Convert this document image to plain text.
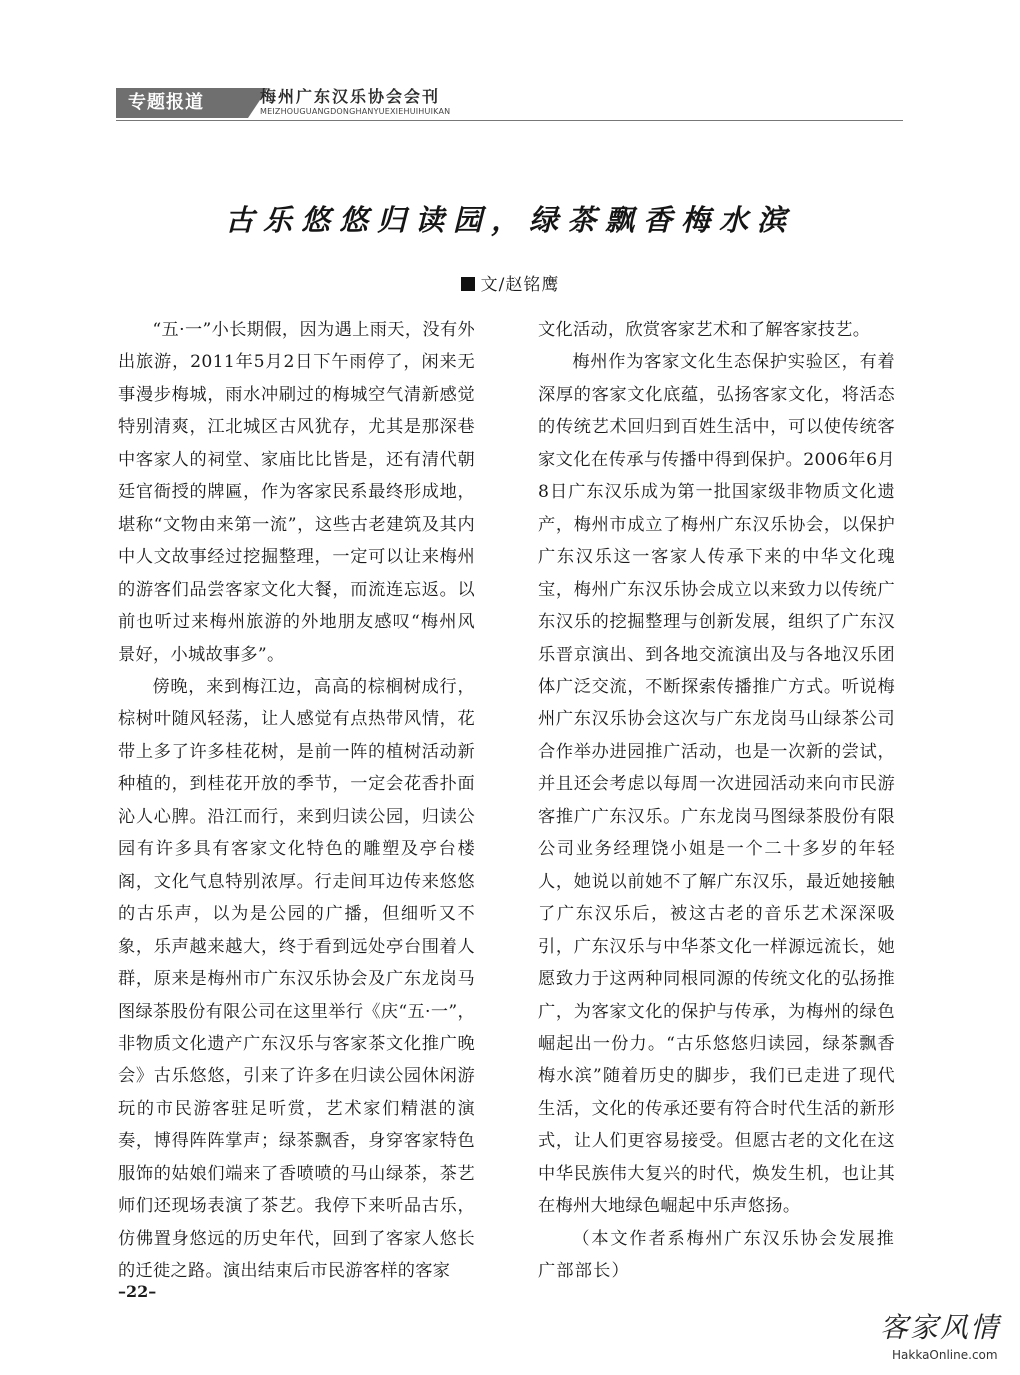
专题报道	梅州广东汉乐协会会刊
MEIZHOUGUANGDONGHANYUEXIEHUIHUIKAN
古乐悠悠归读园，绿茶飘香梅水滨
文/赵铭鹰

“五·一”小长期假，因为遇上雨天，没有外出旅游，2011年5月2日下午雨停了，闲来无事漫步梅城，雨水冲刷过的梅城空气清新感觉特别清爽，江北城区古风犹存，尤其是那深巷中客家人的祠堂、家庙比比皆是，还有清代朝廷官衙授的牌匾，作为客家民系最终形成地，堪称“文物由来第一流”，这些古老建筑及其内中人文故事经过挖掘整理，一定可以让来梅州的游客们品尝客家文化大餐，而流连忘返。以前也听过来梅州旅游的外地朋友感叹“梅州风景好，小城故事多”。

傍晚，来到梅江边，高高的棕榈树成行，棕树叶随风轻荡，让人感觉有点热带风情，花带上多了许多桂花树，是前一阵的植树活动新种植的，到桂花开放的季节，一定会花香扑面沁人心脾。沿江而行，来到归读公园，归读公园有许多具有客家文化特色的雕塑及亭台楼阁，文化气息特别浓厚。行走间耳边传来悠悠的古乐声，以为是公园的广播，但细听又不象，乐声越来越大，终于看到远处亭台围着人群，原来是梅州市广东汉乐协会及广东龙岗马图绿茶股份有限公司在这里举行《庆“五·一”，非物质文化遗产广东汉乐与客家茶文化推广晚会》古乐悠悠，引来了许多在归读公园休闲游玩的市民游客驻足听赏，艺术家们精湛的演奏，博得阵阵掌声；绿茶飘香，身穿客家特色服饰的姑娘们端来了香喷喷的马山绿茶，茶艺师们还现场表演了茶艺。我停下来听品古乐，仿佛置身悠远的历史年代，回到了客家人悠长的迁徙之路。演出结束后市民游客样的客家

文化活动，欣赏客家艺术和了解客家技艺。

梅州作为客家文化生态保护实验区，有着深厚的客家文化底蕴，弘扬客家文化，将活态的传统艺术回归到百姓生活中，可以使传统客家文化在传承与传播中得到保护。2006年6月8日广东汉乐成为第一批国家级非物质文化遗产，梅州市成立了梅州广东汉乐协会，以保护广东汉乐这一客家人传承下来的中华文化瑰宝，梅州广东汉乐协会成立以来致力以传统广东汉乐的挖掘整理与创新发展，组织了广东汉乐晋京演出、到各地交流演出及与各地汉乐团体广泛交流，不断探索传播推广方式。听说梅州广东汉乐协会这次与广东龙岗马山绿茶公司合作举办进园推广活动，也是一次新的尝试，并且还会考虑以每周一次进园活动来向市民游客推广广东汉乐。广东龙岗马图绿茶股份有限公司业务经理饶小姐是一个二十多岁的年轻人，她说以前她不了解广东汉乐，最近她接触了广东汉乐后，被这古老的音乐艺术深深吸引，广东汉乐与中华茶文化一样源远流长，她愿致力于这两种同根同源的传统文化的弘扬推广，为客家文化的保护与传承，为梅州的绿色崛起出一份力。“古乐悠悠归读园，绿茶飘香梅水滨”随着历史的脚步，我们已走进了现代生活，文化的传承还要有符合时代生活的新形式，让人们更容易接受。但愿古老的文化在这中华民族伟大复兴的时代，焕发生机，也让其在梅州大地绿色崛起中乐声悠扬。

（本文作者系梅州广东汉乐协会发展推广部部长）

–22–
客家风情
HakkaOnline.com
